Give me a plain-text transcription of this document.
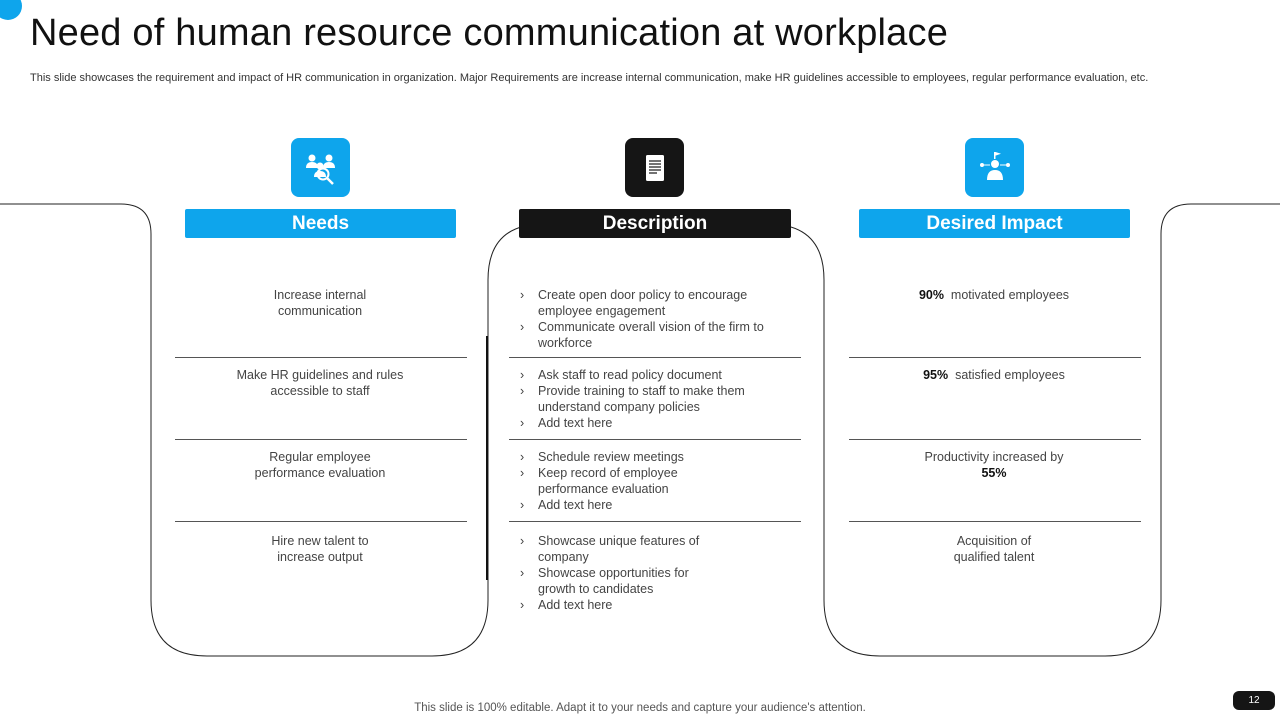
Need of human resource communication at workplace
This slide showcases the requirement and impact of HR communication in organization. Major Requirements are increase internal communication, make HR guidelines accessible to employees, regular performance evaluation, etc.
Needs	Description	Desired Impact
Increase internal communication
Make HR guidelines and rules accessible to staff
Regular employee performance evaluation
Hire new talent to increase output
› Create open door policy to encourage employee engagement
› Communicate overall vision of the firm to workforce
› Ask staff to read policy document
› Provide training to staff to make them understand company policies
› Add text here
› Schedule review meetings
› Keep record of employee performance evaluation
› Add text here
› Showcase unique features of company
› Showcase opportunities for growth to candidates
› Add text here
90% motivated employees
95% satisfied employees
Productivity increased by 55%
Acquisition of qualified talent
This slide is 100% editable. Adapt it to your needs and capture your audience's attention.
12
